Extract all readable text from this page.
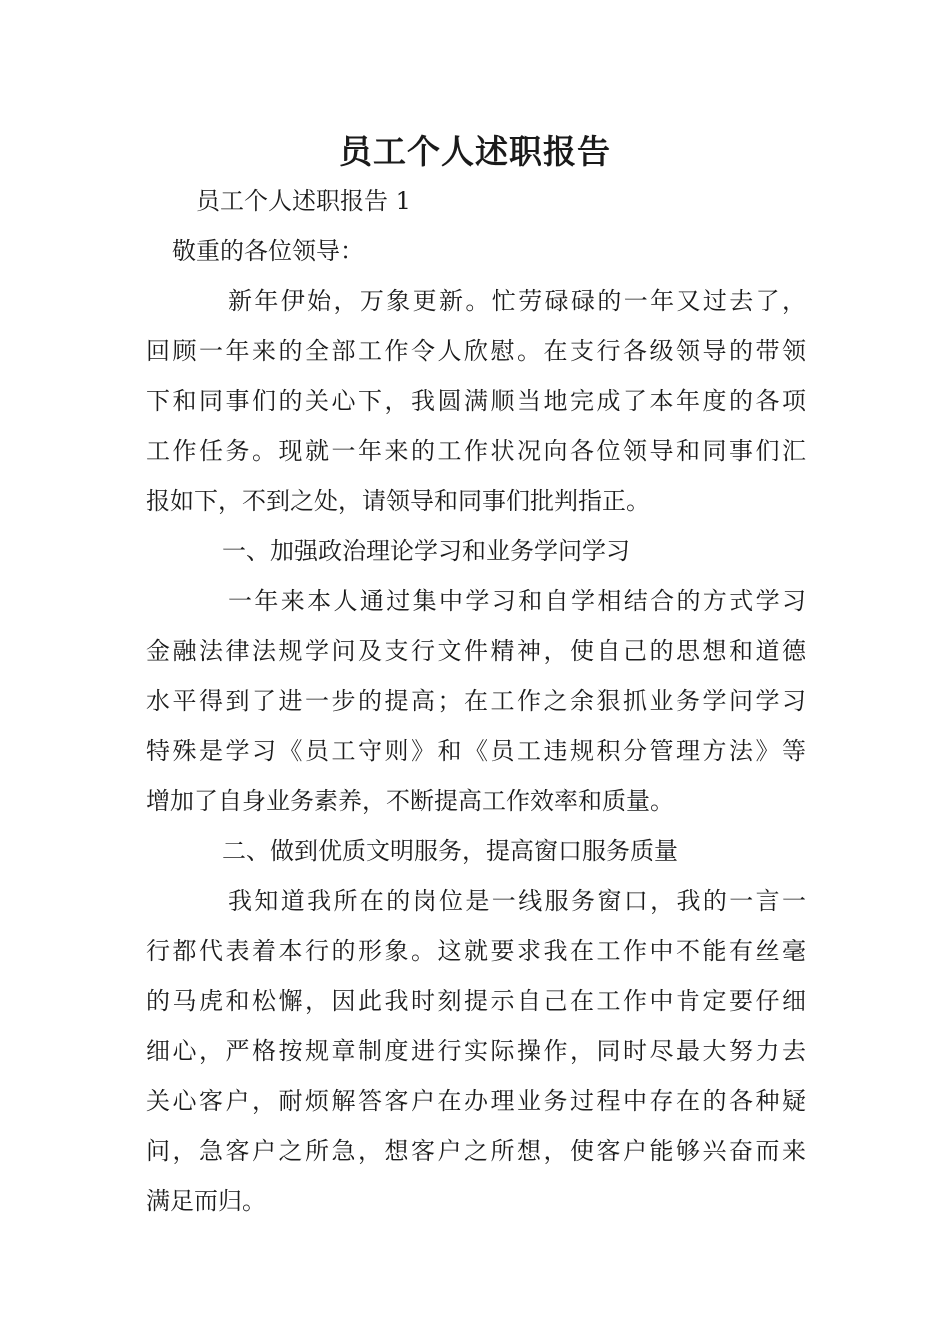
员工个人述职报告
员工个人述职报告 1
敬重的各位领导：
新年伊始，万象更新。忙劳碌碌的一年又过去了，
回顾一年来的全部工作令人欣慰。在支行各级领导的带领
下和同事们的关心下，我圆满顺当地完成了本年度的各项
工作任务。现就一年来的工作状况向各位领导和同事们汇
报如下，不到之处，请领导和同事们批判指正。
一、加强政治理论学习和业务学问学习
一年来本人通过集中学习和自学相结合的方式学习
金融法律法规学问及支行文件精神，使自己的思想和道德
水平得到了进一步的提高；在工作之余狠抓业务学问学习
特殊是学习《员工守则》和《员工违规积分管理方法》等
增加了自身业务素养，不断提高工作效率和质量。
二、做到优质文明服务，提高窗口服务质量
我知道我所在的岗位是一线服务窗口，我的一言一
行都代表着本行的形象。这就要求我在工作中不能有丝毫
的马虎和松懈，因此我时刻提示自己在工作中肯定要仔细
细心，严格按规章制度进行实际操作，同时尽最大努力去
关心客户，耐烦解答客户在办理业务过程中存在的各种疑
问，急客户之所急，想客户之所想，使客户能够兴奋而来
满足而归。
